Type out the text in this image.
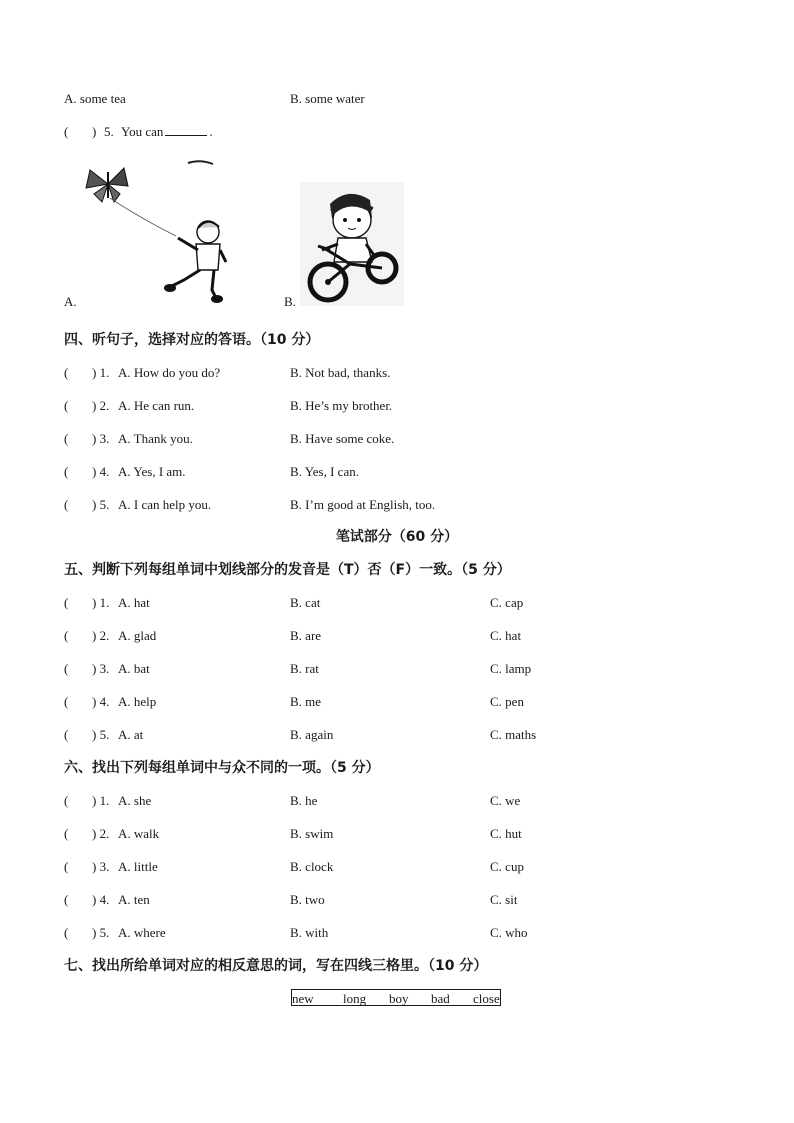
A. some tea	B. some water
( ) 5. You can	.
A.	B.
四、听句子，选择对应的答语。（10 分）
( ) 1. A. How do you do?	B. Not bad, thanks.
( ) 2. A. He can run.	B. He’s my brother.
( ) 3. A. Thank you.	B. Have some coke.
( ) 4. A. Yes, I am.	B. Yes, I can.
( ) 5. A. I can help you.	B. I’m good at English, too.
笔试部分（60 分）
五、判断下列每组单词中划线部分的发音是（T）否（F）一致。（5 分）
( ) 1. A. hat	B. cat	C. cap
( ) 2. A. glad	B. are	C. hat
( ) 3. A. bat	B. rat	C. lamp
( ) 4. A. help	B. me	C. pen
( ) 5. A. at	B. again	C. maths
六、找出下列每组单词中与众不同的一项。（5 分）
( ) 1. A. she	B. he	C. we
( ) 2. A. walk	B. swim	C. hut
( ) 3. A. little	B. clock	C. cup
( ) 4. A. ten	B. two	C. sit
( ) 5. A. where	B. with	C. who
七、找出所给单词对应的相反意思的词，写在四线三格里。（10 分）
new long boy bad close
